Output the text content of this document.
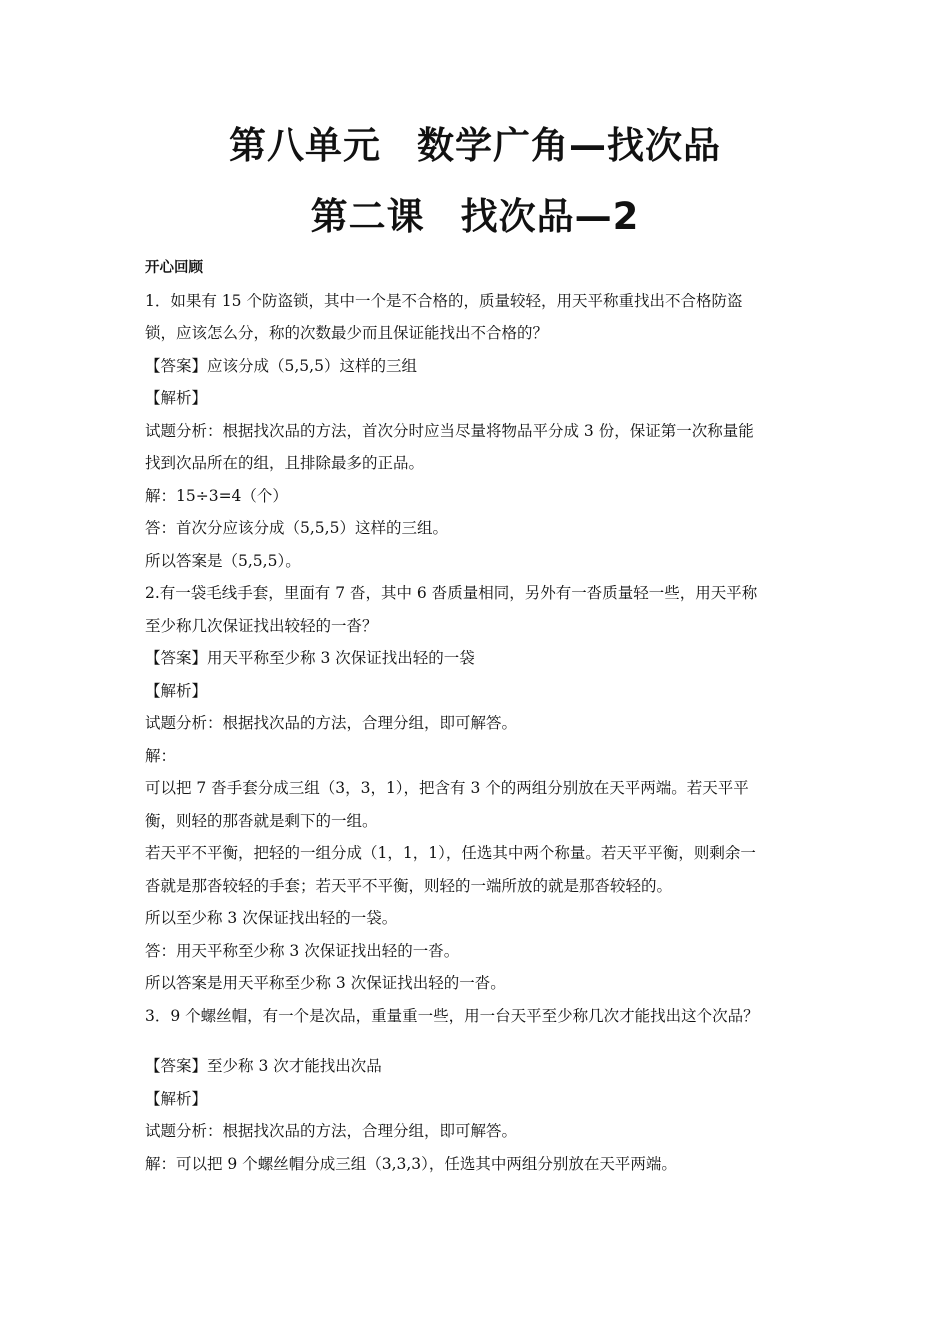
第八单元 数学广角—找次品
第二课 找次品—2

开心回顾

1．如果有 15 个防盗锁，其中一个是不合格的，质量较轻，用天平称重找出不合格防盗

锁，应该怎么分，称的次数最少而且保证能找出不合格的？

【答案】应该分成（5,5,5）这样的三组

【解析】

试题分析：根据找次品的方法，首次分时应当尽量将物品平分成 3 份，保证第一次称量能

找到次品所在的组，且排除最多的正品。

解：15÷3=4（个）

答：首次分应该分成（5,5,5）这样的三组。

所以答案是（5,5,5）。

2.有一袋毛线手套，里面有 7 沓，其中 6 沓质量相同，另外有一沓质量轻一些，用天平称

至少称几次保证找出较轻的一沓？

【答案】用天平称至少称 3 次保证找出轻的一袋

【解析】

试题分析：根据找次品的方法，合理分组，即可解答。

解：

可以把 7 沓手套分成三组（3，3，1），把含有 3 个的两组分别放在天平两端。若天平平

衡，则轻的那沓就是剩下的一组。

若天平不平衡，把轻的一组分成（1，1，1），任选其中两个称量。若天平平衡，则剩余一

沓就是那沓较轻的手套；若天平不平衡，则轻的一端所放的就是那沓较轻的。

所以至少称 3 次保证找出轻的一袋。

答：用天平称至少称 3 次保证找出轻的一沓。

所以答案是用天平称至少称 3 次保证找出轻的一沓。

3．9 个螺丝帽，有一个是次品，重量重一些，用一台天平至少称几次才能找出这个次品？

【答案】至少称 3 次才能找出次品

【解析】

试题分析：根据找次品的方法，合理分组，即可解答。

解：可以把 9 个螺丝帽分成三组（3,3,3），任选其中两组分别放在天平两端。
